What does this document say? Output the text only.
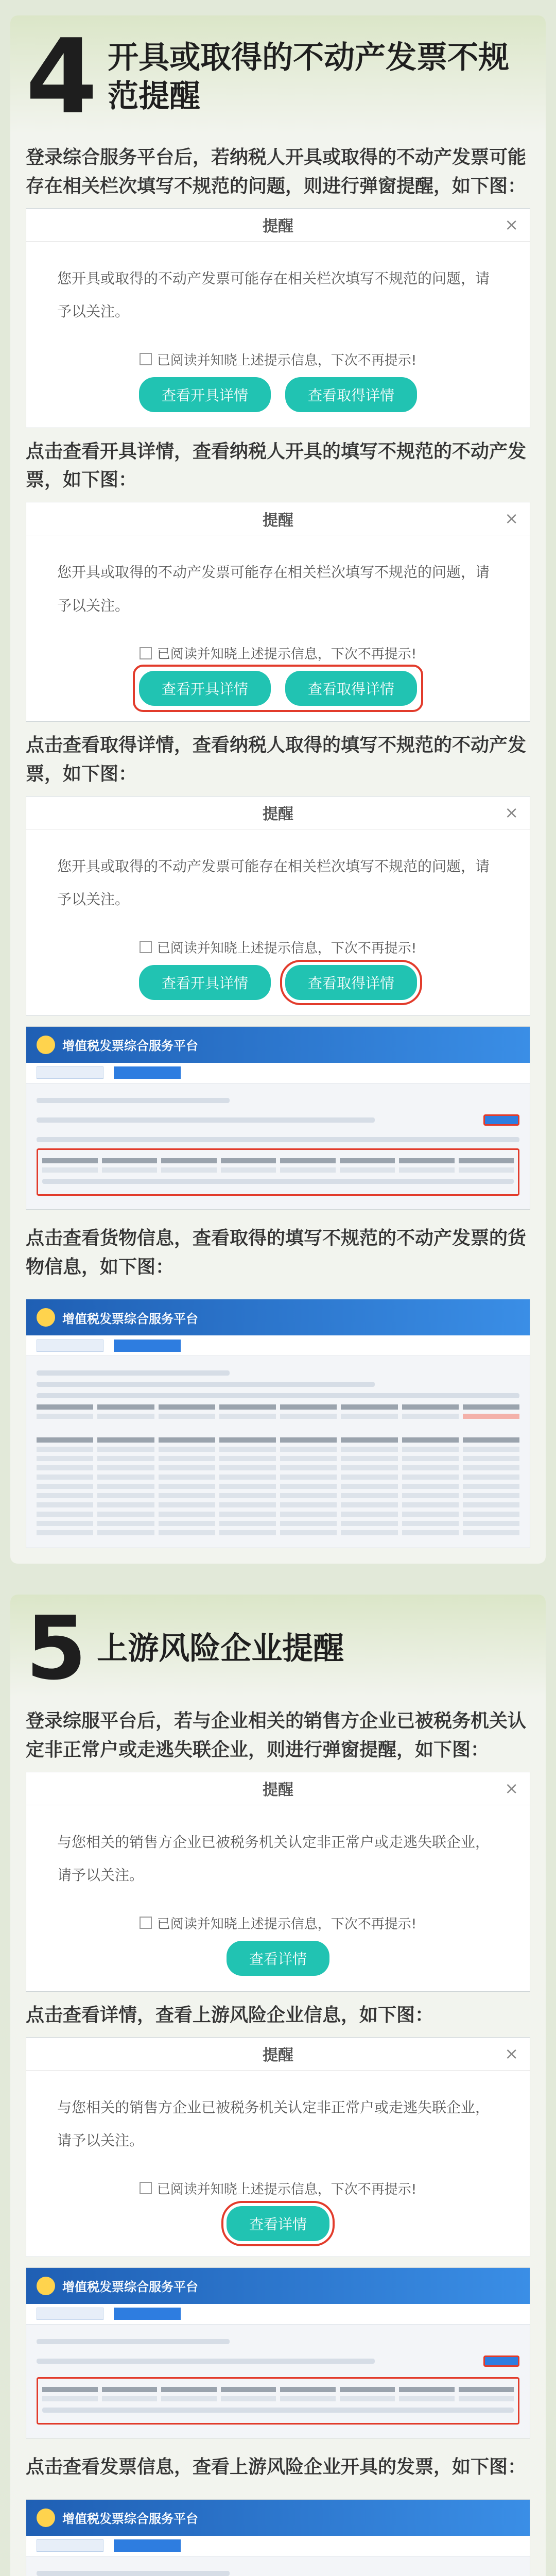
4 开具或取得的不动产发票不规范提醒

登录综合服务平台后，若纳税人开具或取得的不动产发票可能存在相关栏次填写不规范的问题，则进行弹窗提醒，如下图：

提醒	×
您开具或取得的不动产发票可能存在相关栏次填写不规范的问题，请予以关注。
已阅读并知晓上述提示信息，下次不再提示!
查看开具详情	查看取得详情

点击查看开具详情，查看纳税人开具的填写不规范的不动产发票，如下图：

提醒	×
您开具或取得的不动产发票可能存在相关栏次填写不规范的问题，请予以关注。
已阅读并知晓上述提示信息，下次不再提示!
查看开具详情	查看取得详情

点击查看取得详情，查看纳税人取得的填写不规范的不动产发票，如下图：

提醒	×
您开具或取得的不动产发票可能存在相关栏次填写不规范的问题，请予以关注。
已阅读并知晓上述提示信息，下次不再提示!
查看开具详情	查看取得详情
增值税发票综合服务平台

点击查看货物信息，查看取得的填写不规范的不动产发票的货物信息，如下图：

增值税发票综合服务平台
5 上游风险企业提醒

登录综服平台后，若与企业相关的销售方企业已被税务机关认定非正常户或走逃失联企业，则进行弹窗提醒，如下图：

提醒	×
与您相关的销售方企业已被税务机关认定非正常户或走逃失联企业，请予以关注。
已阅读并知晓上述提示信息，下次不再提示!
查看详情

点击查看详情，查看上游风险企业信息，如下图：

提醒	×
与您相关的销售方企业已被税务机关认定非正常户或走逃失联企业，请予以关注。
已阅读并知晓上述提示信息，下次不再提示!
查看详情
增值税发票综合服务平台

点击查看发票信息，查看上游风险企业开具的发票，如下图：

增值税发票综合服务平台
